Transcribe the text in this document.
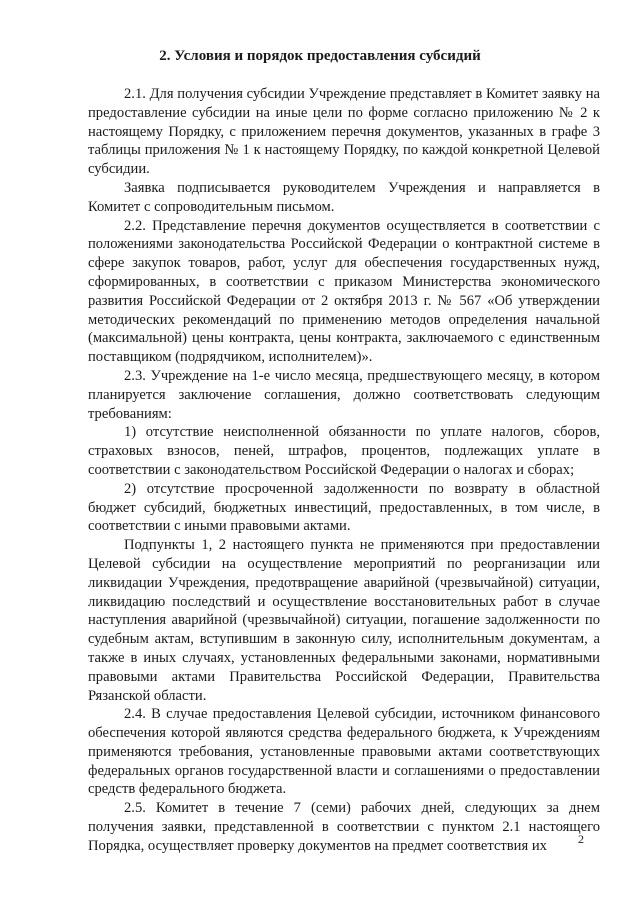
2. Условия и порядок предоставления субсидий

2.1. Для получения субсидии Учреждение представляет в Комитет заявку на предоставление субсидии на иные цели по форме согласно приложению № 2 к настоящему Порядку, с приложением перечня документов, указанных в графе 3 таблицы приложения № 1 к настоящему Порядку, по каждой конкретной Целевой субсидии.

Заявка подписывается руководителем Учреждения и направляется в Комитет с сопроводительным письмом.

2.2. Представление перечня документов осуществляется в соответствии с положениями законодательства Российской Федерации о контрактной системе в сфере закупок товаров, работ, услуг для обеспечения государственных нужд, сформированных, в соответствии с приказом Министерства экономического развития Российской Федерации от 2 октября 2013 г. № 567 «Об утверждении методических рекомендаций по применению методов определения начальной (максимальной) цены контракта, цены контракта, заключаемого с единственным поставщиком (подрядчиком, исполнителем)».

2.3. Учреждение на 1-е число месяца, предшествующего месяцу, в котором планируется заключение соглашения, должно соответствовать следующим требованиям:

1) отсутствие неисполненной обязанности по уплате налогов, сборов, страховых взносов, пеней, штрафов, процентов, подлежащих уплате в соответствии с законодательством Российской Федерации о налогах и сборах;

2) отсутствие просроченной задолженности по возврату в областной бюджет субсидий, бюджетных инвестиций, предоставленных, в том числе, в соответствии с иными правовыми актами.

Подпункты 1, 2 настоящего пункта не применяются при предоставлении Целевой субсидии на осуществление мероприятий по реорганизации или ликвидации Учреждения, предотвращение аварийной (чрезвычайной) ситуации, ликвидацию последствий и осуществление восстановительных работ в случае наступления аварийной (чрезвычайной) ситуации, погашение задолженности по судебным актам, вступившим в законную силу, исполнительным документам, а также в иных случаях, установленных федеральными законами, нормативными правовыми актами Правительства Российской Федерации, Правительства Рязанской области.

2.4. В случае предоставления Целевой субсидии, источником финансового обеспечения которой являются средства федерального бюджета, к Учреждениям применяются требования, установленные правовыми актами соответствующих федеральных органов государственной власти и соглашениями о предоставлении средств федерального бюджета.

2.5. Комитет в течение 7 (семи) рабочих дней, следующих за днем получения заявки, представленной в соответствии с пунктом 2.1 настоящего Порядка, осуществляет проверку документов на предмет соответствия их	2
